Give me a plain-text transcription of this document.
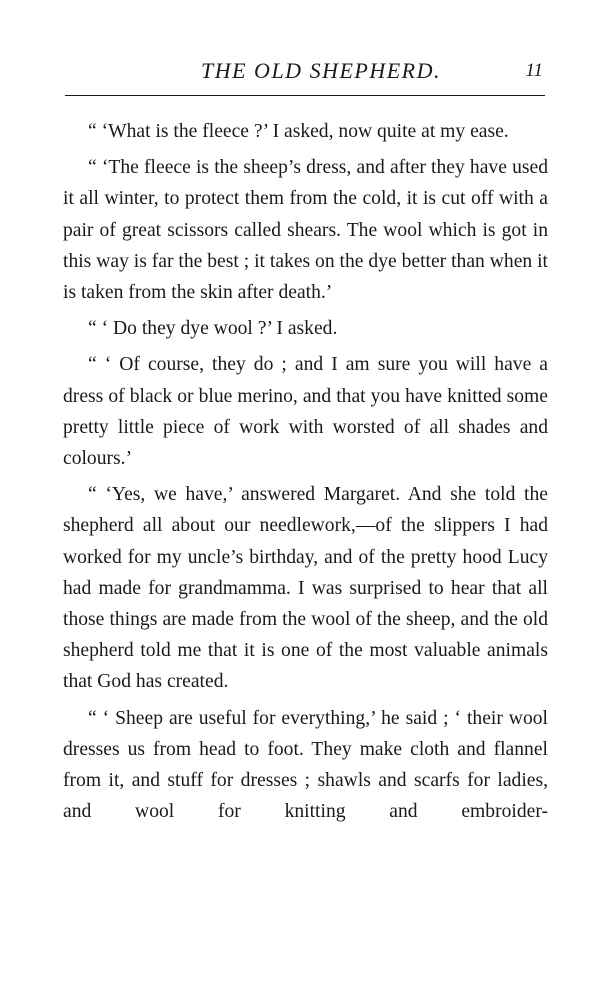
THE OLD SHEPHERD.	11

“ ‘What is the fleece ?’ I asked, now quite at my ease.

“ ‘The fleece is the sheep’s dress, and after they have used it all winter, to protect them from the cold, it is cut off with a pair of great scissors called shears. The wool which is got in this way is far the best ; it takes on the dye better than when it is taken from the skin after death.’

“ ‘ Do they dye wool ?’ I asked.

“ ‘ Of course, they do ; and I am sure you will have a dress of black or blue merino, and that you have knitted some pretty little piece of work with worsted of all shades and colours.’

“ ‘Yes, we have,’ answered Margaret. And she told the shepherd all about our needlework,—of the slippers I had worked for my uncle’s birthday, and of the pretty hood Lucy had made for grandmamma. I was surprised to hear that all those things are made from the wool of the sheep, and the old shepherd told me that it is one of the most valuable animals that God has created.

“ ‘ Sheep are useful for everything,’ he said ; ‘ their wool dresses us from head to foot. They make cloth and flannel from it, and stuff for dresses ; shawls and scarfs for ladies, and wool for knitting and embroider-
